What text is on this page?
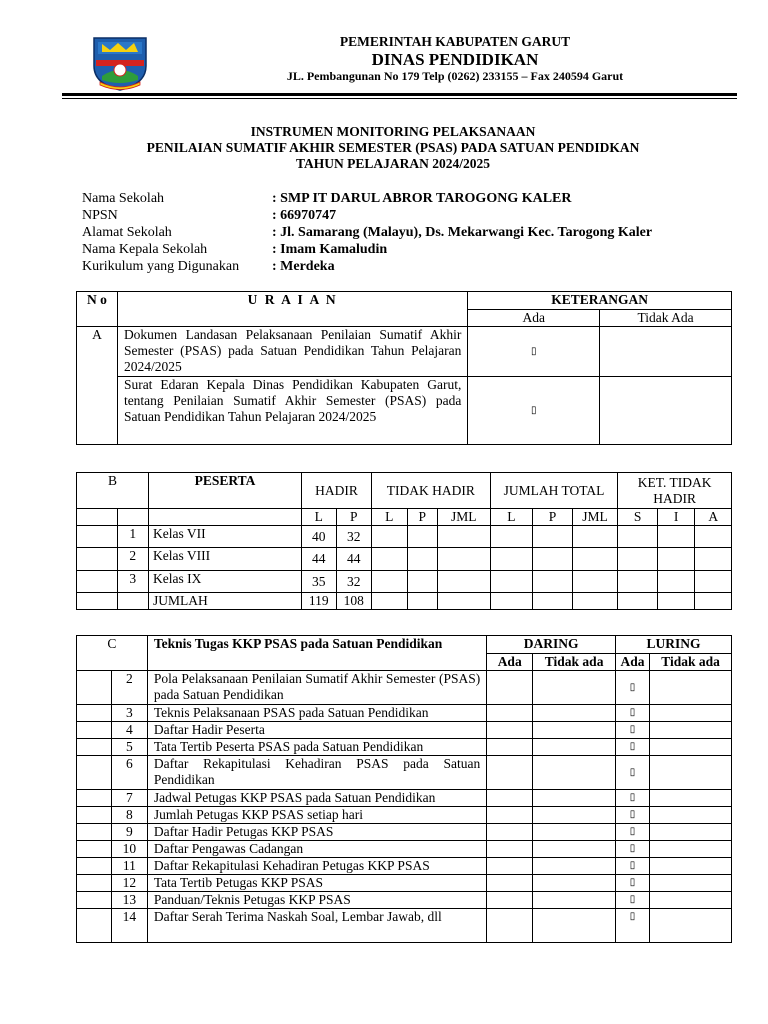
PEMERINTAH KABUPATEN GARUT
DINAS PENDIDIKAN
JL. Pembangunan No 179 Telp (0262) 233155 – Fax 240594 Garut
INSTRUMEN MONITORING PELAKSANAAN
PENILAIAN SUMATIF AKHIR SEMESTER (PSAS) PADA SATUAN PENDIDKAN
TAHUN PELAJARAN 2024/2025
Nama Sekolah	: SMP IT DARUL ABROR TAROGONG KALER
NPSN	: 66970747
Alamat Sekolah	: Jl. Samarang (Malayu), Ds. Mekarwangi Kec. Tarogong Kaler
Nama Kepala Sekolah	: Imam Kamaludin
Kurikulum yang Digunakan	: Merdeka
N o	U R A I A N	KETERANGAN	
		Ada	Tidak Ada
A	Dokumen Landasan Pelaksanaan Penilaian Sumatif Akhir Semester (PSAS) pada Satuan Pendidikan Tahun Pelajaran 2024/2025	▯	
	Surat Edaran Kepala Dinas Pendidikan Kabupaten Garut, tentang Penilaian Sumatif Akhir Semester (PSAS) pada Satuan Pendidikan Tahun Pelajaran 2024/2025	▯	
B		PESERTA	HADIR		TIDAK HADIR			JUMLAH TOTAL			KET. TIDAK HADIR		
			L	P	L	P	JML	L	P	JML	S	I	A
	1	Kelas VII	40	32									
	2	Kelas VIII	44	44									
	3	Kelas IX	35	32									
		JUMLAH	119	108									
C		Teknis Tugas KKP PSAS pada Satuan Pendidikan	DARING		LURING	
			Ada	Tidak ada	Ada	Tidak ada
	2	Pola Pelaksanaan Penilaian Sumatif Akhir Semester (PSAS) pada Satuan Pendidikan			▯	
	3	Teknis Pelaksanaan PSAS pada Satuan Pendidikan			▯	
	4	Daftar Hadir Peserta			▯	
	5	Tata Tertib Peserta PSAS pada Satuan Pendidikan			▯	
	6	Daftar Rekapitulasi Kehadiran PSAS pada Satuan Pendidikan			▯	
	7	Jadwal Petugas KKP PSAS pada Satuan Pendidikan			▯	
	8	Jumlah Petugas KKP PSAS setiap hari			▯	
	9	Daftar Hadir Petugas KKP PSAS			▯	
	10	Daftar Pengawas Cadangan			▯	
	11	Daftar Rekapitulasi Kehadiran Petugas KKP PSAS			▯	
	12	Tata Tertib Petugas KKP PSAS			▯	
	13	Panduan/Teknis Petugas KKP PSAS			▯	
	14	Daftar Serah Terima Naskah Soal, Lembar Jawab, dll			▯	
